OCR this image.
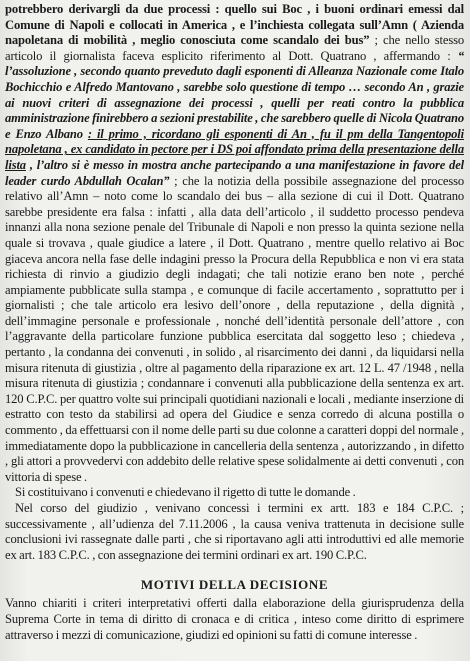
potrebbero derivargli da due processi : quello sui Boc , i buoni ordinari emessi dal Comune di Napoli e collocati in America , e l’inchiesta collegata sull’Amn ( Azienda napoletana di mobilità , meglio conosciuta come scandalo dei bus” ; che nello stesso articolo il giornalista faceva esplicito riferimento al Dott. Quatrano , affermando : “ l’assoluzione , secondo quanto preveduto dagli esponenti di Alleanza Nazionale come Italo Bochicchio e Alfredo Mantovano , sarebbe solo questione di tempo … secondo An , grazie ai nuovi criteri di assegnazione dei processi , quelli per reati contro la pubblica amministrazione finirebbero a sezioni prestabilite , che sarebbero quelle di Nicola Quatrano e Enzo Albano : il primo , ricordano gli esponenti di An , fu il pm della Tangentopoli napoletana , ex candidato in pectore per i DS poi affondato prima della presentazione della lista , l’altro si è messo in mostra anche partecipando a una manifestazione in favore del leader curdo Abdullah Ocalan” ; che la notizia della possibile assegnazione del processo relativo all’Amn – noto come lo scandalo dei bus – alla sezione di cui il Dott. Quatrano sarebbe presidente era falsa : infatti , alla data dell’articolo , il suddetto processo pendeva innanzi alla nona sezione penale del Tribunale di Napoli e non presso la quinta sezione nella quale si trovava , quale giudice a latere , il Dott. Quatrano , mentre quello relativo ai Boc giaceva ancora nella fase delle indagini presso la Procura della Repubblica e non vi era stata richiesta di rinvio a giudizio degli indagati; che tali notizie erano ben note , perché ampiamente pubblicate sulla stampa , e comunque di facile accertamento , soprattutto per i giornalisti ; che tale articolo era lesivo dell’onore , della reputazione , della dignità , dell’immagine personale e professionale , nonché dell’identità personale dell’attore , con l’aggravante della particolare funzione pubblica esercitata dal soggetto leso ; chiedeva , pertanto , la condanna dei convenuti , in solido , al risarcimento dei danni , da liquidarsi nella misura ritenuta di giustizia , oltre al pagamento della riparazione ex art. 12 L. 47 /1948 , nella misura ritenuta di giustizia ; condannare i convenuti alla pubblicazione della sentenza ex art. 120 C.P.C. per quattro volte sui principali quotidiani nazionali e locali , mediante inserzione di estratto con testo da stabilirsi ad opera del Giudice e senza corredo di alcuna postilla o commento , da effettuarsi con il nome delle parti su due colonne a caratteri doppi del normale , immediatamente dopo la pubblicazione in cancelleria della sentenza , autorizzando , in difetto , gli attori a provvedervi con addebito delle relative spese solidalmente ai detti convenuti , con vittoria di spese .

Si costituivano i convenuti e chiedevano il rigetto di tutte le domande .

Nel corso del giudizio , venivano concessi i termini ex artt. 183 e 184 C.P.C. ; successivamente , all’udienza del 7.11.2006 , la causa veniva trattenuta in decisione sulle conclusioni ivi rassegnate dalle parti , che si riportavano agli atti introduttivi ed alle memorie ex art. 183 C.P.C. , con assegnazione dei termini ordinari ex art. 190 C.P.C.

MOTIVI DELLA DECISIONE

Vanno chiariti i criteri interpretativi offerti dalla elaborazione della giurisprudenza della Suprema Corte in tema di diritto di cronaca e di critica , inteso come diritto di esprimere attraverso i mezzi di comunicazione, giudizi ed opinioni su fatti di comune interesse .
